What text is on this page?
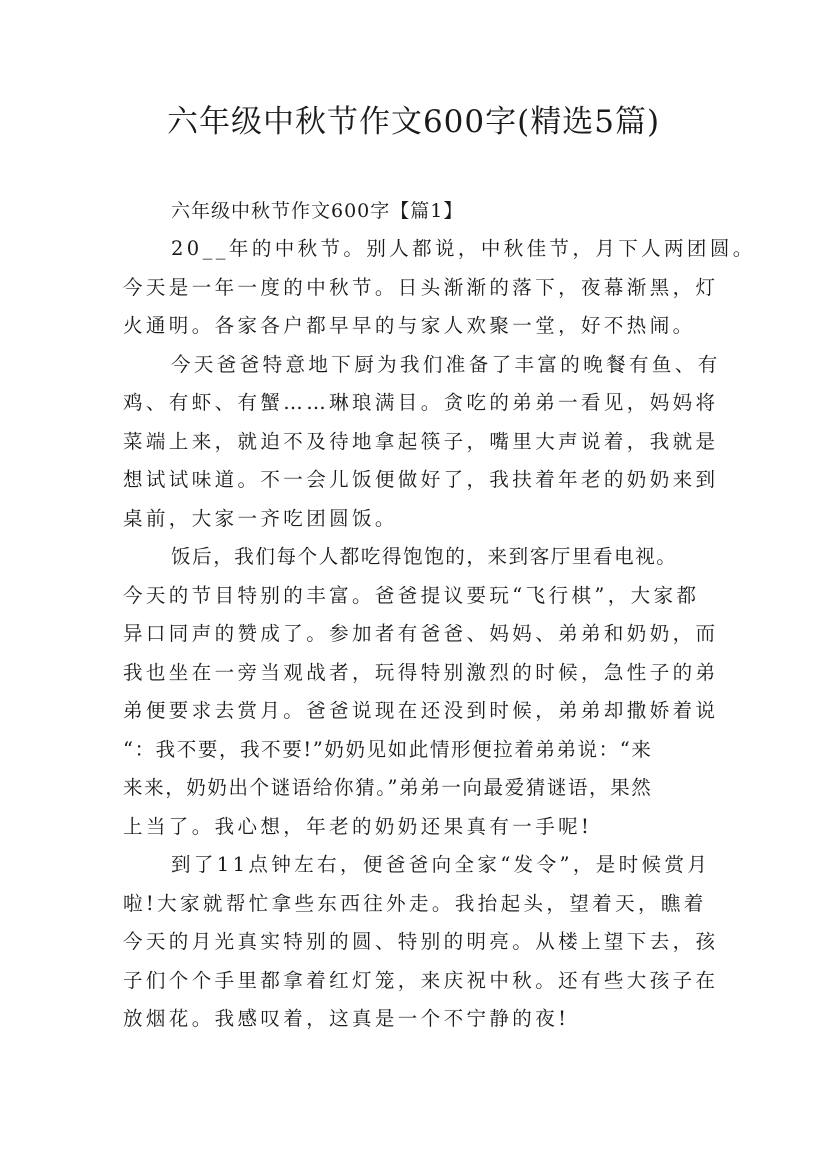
六年级中秋节作文600字(精选5篇)
六年级中秋节作文600字【篇1】

20__年的中秋节。别人都说，中秋佳节，月下人两团圆。
今天是一年一度的中秋节。日头渐渐的落下，夜幕渐黑，灯
火通明。各家各户都早早的与家人欢聚一堂，好不热闹。

今天爸爸特意地下厨为我们准备了丰富的晚餐有鱼、有
鸡、有虾、有蟹……琳琅满目。贪吃的弟弟一看见，妈妈将
菜端上来，就迫不及待地拿起筷子，嘴里大声说着，我就是
想试试味道。不一会儿饭便做好了，我扶着年老的奶奶来到
桌前，大家一齐吃团圆饭。

饭后，我们每个人都吃得饱饱的，来到客厅里看电视。
今天的节目特别的丰富。爸爸提议要玩“飞行棋”，大家都
异口同声的赞成了。参加者有爸爸、妈妈、弟弟和奶奶，而
我也坐在一旁当观战者，玩得特别激烈的时候，急性子的弟
弟便要求去赏月。爸爸说现在还没到时候，弟弟却撒娇着说
“：我不要，我不要!”奶奶见如此情形便拉着弟弟说：“来
来来，奶奶出个谜语给你猜。”弟弟一向最爱猜谜语，果然
上当了。我心想，年老的奶奶还果真有一手呢!

到了11点钟左右，便爸爸向全家“发令”，是时候赏月
啦!大家就帮忙拿些东西往外走。我抬起头，望着天，瞧着
今天的月光真实特别的圆、特别的明亮。从楼上望下去，孩
子们个个手里都拿着红灯笼，来庆祝中秋。还有些大孩子在
放烟花。我感叹着，这真是一个不宁静的夜!
